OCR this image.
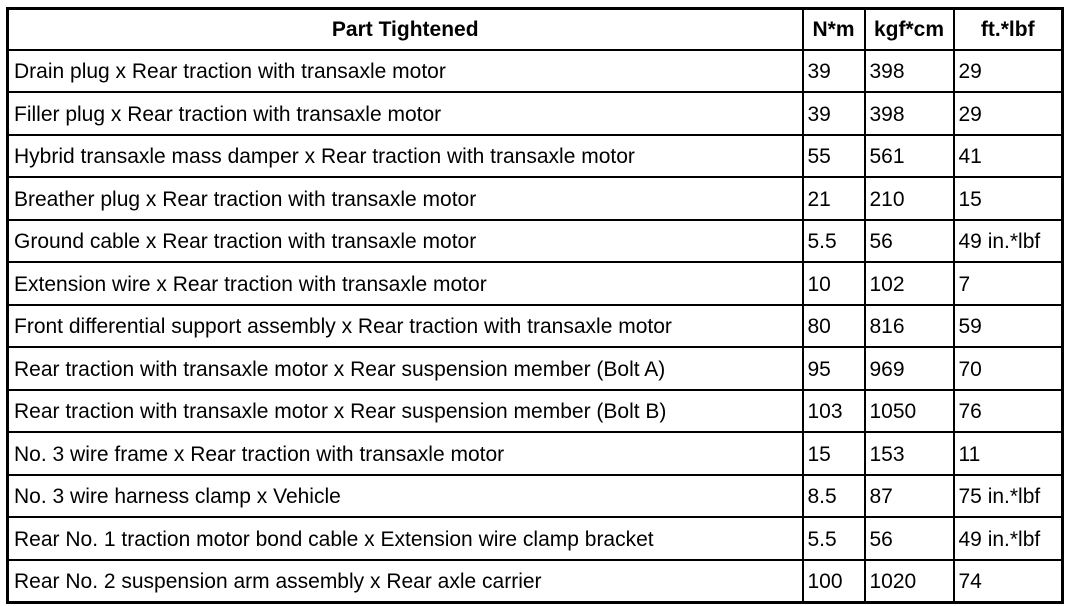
Part Tightened	N*m	kgf*cm	ft.*lbf
Drain plug x Rear traction with transaxle motor	39	398	29
Filler plug x Rear traction with transaxle motor	39	398	29
Hybrid transaxle mass damper x Rear traction with transaxle motor	55	561	41
Breather plug x Rear traction with transaxle motor	21	210	15
Ground cable x Rear traction with transaxle motor	5.5	56	49 in.*lbf
Extension wire x Rear traction with transaxle motor	10	102	7
Front differential support assembly x Rear traction with transaxle motor	80	816	59
Rear traction with transaxle motor x Rear suspension member (Bolt A)	95	969	70
Rear traction with transaxle motor x Rear suspension member (Bolt B)	103	1050	76
No. 3 wire frame x Rear traction with transaxle motor	15	153	11
No. 3 wire harness clamp x Vehicle	8.5	87	75 in.*lbf
Rear No. 1 traction motor bond cable x Extension wire clamp bracket	5.5	56	49 in.*lbf
Rear No. 2 suspension arm assembly x Rear axle carrier	100	1020	74
